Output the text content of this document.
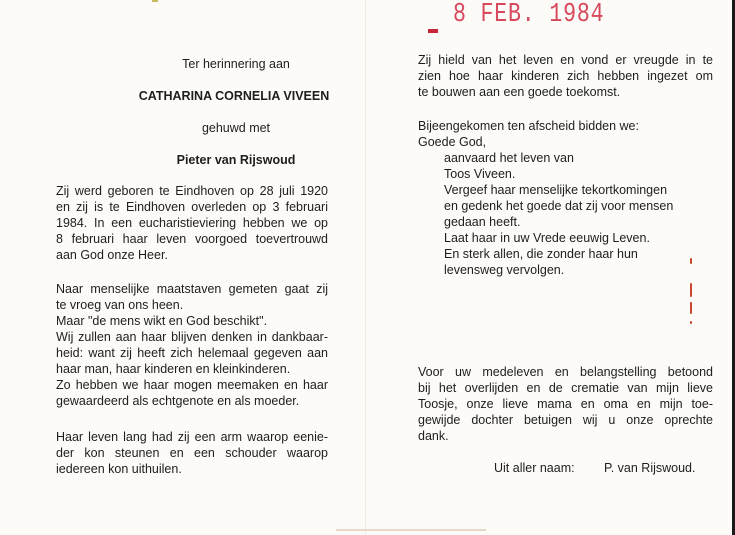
8 FEB. 1984
Ter herinnering aan
CATHARINA CORNELIA VIVEEN
gehuwd met
Pieter van Rijswoud
Zij werd geboren te Eindhoven op 28 juli 1920
en zij is te Eindhoven overleden op 3 februari
1984. In een eucharistieviering hebben we op
8 februari haar leven voorgoed toevertrouwd
aan God onze Heer.
Naar menselijke maatstaven gemeten gaat zij
te vroeg van ons heen.
Maar "de mens wikt en God beschikt".
Wij zullen aan haar blijven denken in dankbaar-
heid: want zij heeft zich helemaal gegeven aan
haar man, haar kinderen en kleinkinderen.
Zo hebben we haar mogen meemaken en haar
gewaardeerd als echtgenote en als moeder.
Haar leven lang had zij een arm waarop eenie-
der kon steunen en een schouder waarop
iedereen kon uithuilen.
Zij hield van het leven en vond er vreugde in te
zien hoe haar kinderen zich hebben ingezet om
te bouwen aan een goede toekomst.
Bijeengekomen ten afscheid bidden we:
Goede God,
aanvaard het leven van
Toos Viveen.
Vergeef haar menselijke tekortkomingen
en gedenk het goede dat zij voor mensen
gedaan heeft.
Laat haar in uw Vrede eeuwig Leven.
En sterk allen, die zonder haar hun
levensweg vervolgen.
Voor uw medeleven en belangstelling betoond
bij het overlijden en de crematie van mijn lieve
Toosje, onze lieve mama en oma en mijn toe-
gewijde dochter betuigen wij u onze oprechte
dank.
Uit aller naam: P. van Rijswoud.
